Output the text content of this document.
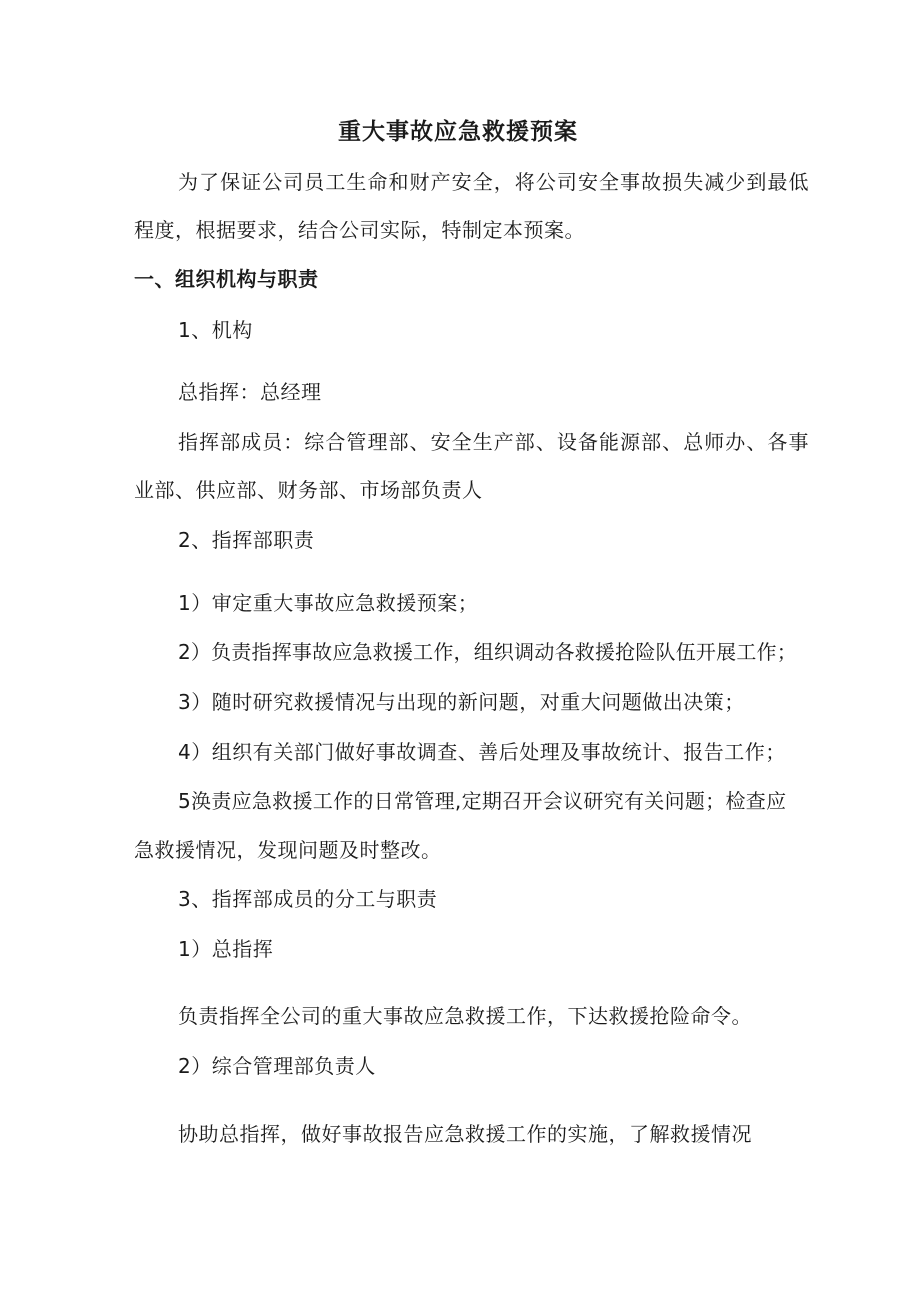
重大事故应急救援预案
为了保证公司员工生命和财产安全，将公司安全事故损失减少到最低
程度，根据要求，结合公司实际，特制定本预案。
一、组织机构与职责
1、机构
总指挥：总经理
指挥部成员：综合管理部、安全生产部、设备能源部、总师办、各事
业部、供应部、财务部、市场部负责人
2、指挥部职责
1）审定重大事故应急救援预案；
2）负责指挥事故应急救援工作，组织调动各救援抢险队伍开展工作；
3）随时研究救援情况与出现的新问题，对重大问题做出决策；
4）组织有关部门做好事故调查、善后处理及事故统计、报告工作；
5涣责应急救援工作的日常管理,定期召开会议研究有关问题；检查应
急救援情况，发现问题及时整改。
3、指挥部成员的分工与职责
1）总指挥
负责指挥全公司的重大事故应急救援工作，下达救援抢险命令。
2）综合管理部负责人
协助总指挥，做好事故报告应急救援工作的实施，了解救援情况
